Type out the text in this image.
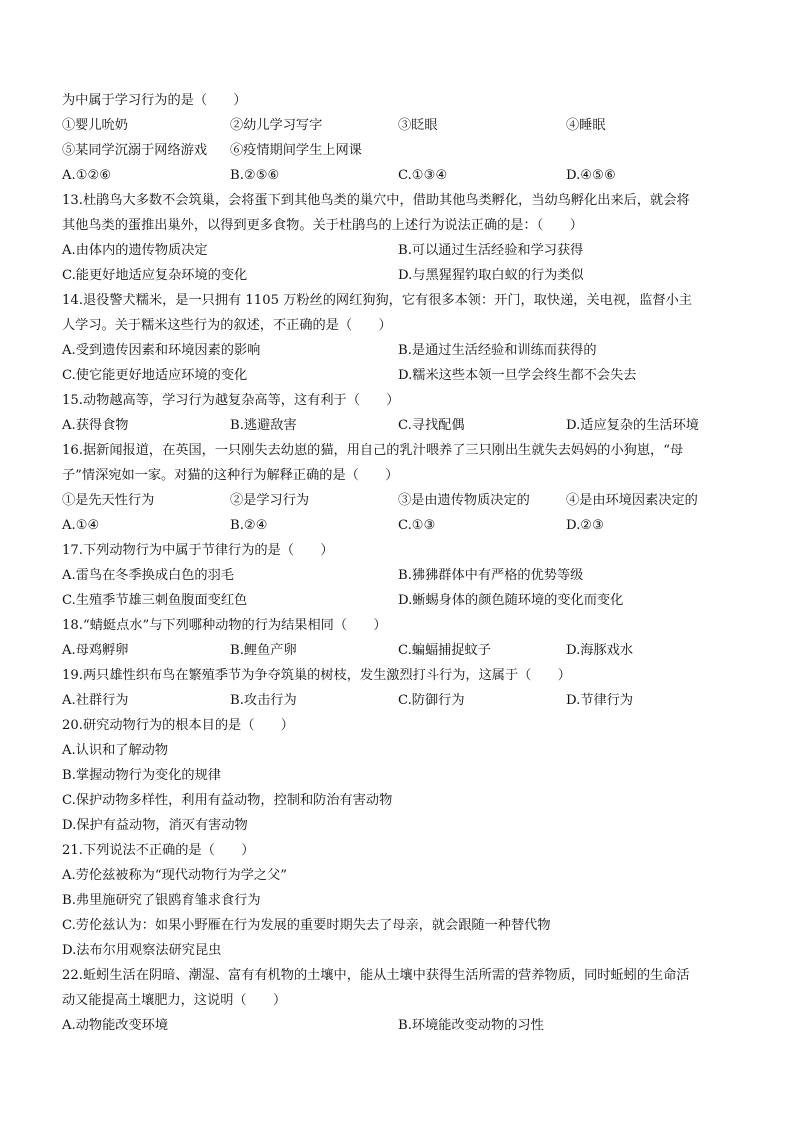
为中属于学习行为的是（　　）
①婴儿吮奶	②幼儿学习写字	③眨眼	④睡眠
⑤某同学沉溺于网络游戏 ⑥疫情期间学生上网课
A.①②⑥	B.②⑤⑥	C.①③④	D.④⑤⑥
13.杜鹃鸟大多数不会筑巢，会将蛋下到其他鸟类的巢穴中，借助其他鸟类孵化，当幼鸟孵化出来后，就会将
其他鸟类的蛋推出巢外，以得到更多食物。关于杜鹃鸟的上述行为说法正确的是：（　　）
A.由体内的遗传物质决定	B.可以通过生活经验和学习获得
C.能更好地适应复杂环境的变化	D.与黑猩猩钓取白蚁的行为类似
14.退役警犬糯米，是一只拥有 1105 万粉丝的网红狗狗，它有很多本领：开门，取快递，关电视，监督小主
人学习。关于糯米这些行为的叙述，不正确的是（　　）
A.受到遗传因素和环境因素的影响	B.是通过生活经验和训练而获得的
C.使它能更好地适应环境的变化	D.糯米这些本领一旦学会终生都不会失去
15.动物越高等，学习行为越复杂高等，这有利于（　　）
A.获得食物	B.逃避敌害	C.寻找配偶	D.适应复杂的生活环境
16.据新闻报道，在英国，一只刚失去幼崽的猫，用自己的乳汁喂养了三只刚出生就失去妈妈的小狗崽，“母
子”情深宛如一家。对猫的这种行为解释正确的是（　　）
①是先天性行为	②是学习行为	③是由遗传物质决定的	④是由环境因素决定的
A.①④	B.②④	C.①③	D.②③
17.下列动物行为中属于节律行为的是（　　）
A.雷鸟在冬季换成白色的羽毛	B.狒狒群体中有严格的优势等级
C.生殖季节雄三刺鱼腹面变红色	D.蜥蜴身体的颜色随环境的变化而变化
18.“蜻蜓点水”与下列哪种动物的行为结果相同（　　）
A.母鸡孵卵	B.鲤鱼产卵	C.蝙蝠捕捉蚊子	D.海豚戏水
19.两只雄性织布鸟在繁殖季节为争夺筑巢的树枝，发生激烈打斗行为，这属于（　　）
A.社群行为	B.攻击行为	C.防御行为	D.节律行为
20.研究动物行为的根本目的是（　　）
A.认识和了解动物
B.掌握动物行为变化的规律
C.保护动物多样性，利用有益动物，控制和防治有害动物
D.保护有益动物，消灭有害动物
21.下列说法不正确的是（　　）
A.劳伦兹被称为“现代动物行为学之父”
B.弗里施研究了银鸥育雏求食行为
C.劳伦兹认为：如果小野雁在行为发展的重要时期失去了母亲，就会跟随一种替代物
D.法布尔用观察法研究昆虫
22.蚯蚓生活在阴暗、潮湿、富有有机物的土壤中，能从土壤中获得生活所需的营养物质，同时蚯蚓的生命活
动又能提高土壤肥力，这说明（　　）
A.动物能改变环境	B.环境能改变动物的习性
